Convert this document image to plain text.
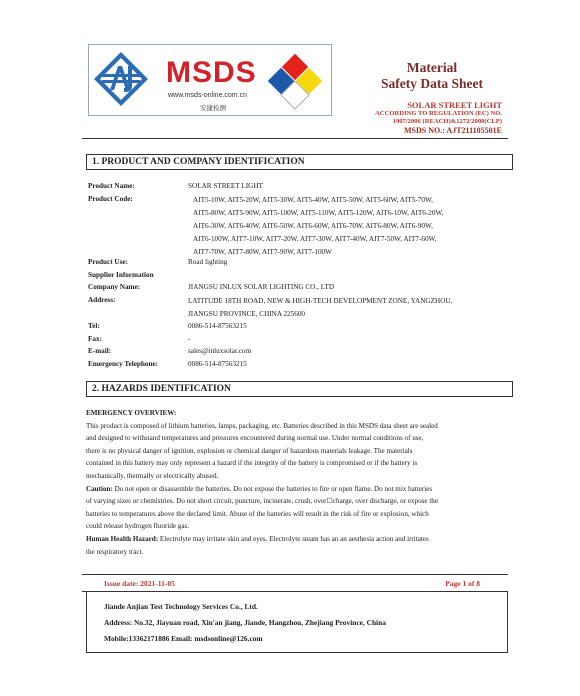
MSDS
www.msds-online.com.cn
安捷检测
Material
Safety Data Sheet
SOLAR STREET LIGHT
ACCORDING TO REGULATION (EC) NO.
1907/2006 (REACH)&1272/2008(CLP)
MSDS NO.: AJT211105501E
1. PRODUCT AND COMPANY IDENTIFICATION
Product Name:	SOLAR STREET LIGHT
Product Code:	AIT5-10W, AIT5-20W, AIT5-30W, AIT5-40W, AIT5-50W, AIT5-60W, AIT5-70W,
AIT5-80W, AIT5-90W, AIT5-100W, AIT5-110W, AIT5-120W, AIT6-10W, AIT6-20W,
AIT6-30W, AIT6-40W, AIT6-50W, AIT6-60W, AIT6-70W, AIT6-80W, AIT6-90W,
AIT6-100W, AIT7-10W, AIT7-20W, AIT7-30W, AIT7-40W, AIT7-50W, AIT7-60W,
AIT7-70W, AIT7-80W, AIT7-90W, AIT7-100W
Product Use:	Road lighting
Supplier Information
Company Name:	JIANGSU INLUX SOLAR LIGHTING CO., LTD
Address:	LATITUDE 18TH ROAD, NEW & HIGH-TECH DEVELOPMENT ZONE, YANGZHOU,
JIANGSU PROVINCE, CHINA 225600
Tel:	0086-514-87563215
Fax:	-
E-mail:	sales@inluxsolar.com
Emergency Telephone:	0086-514-87563215
2. HAZARDS IDENTIFICATION
EMERGENCY OVERVIEW:
This product is composed of lithium batteries, lamps, packaging, etc. Batteries described in this MSDS data sheet are sealed
and designed to withstand temperatures and pressures encountered during normal use. Under normal conditions of use,
there is no physical danger of ignition, explosion or chemical danger of hazardous materials leakage. The materials
contained in this battery may only represent a hazard if the integrity of the battery is compromised or if the battery is
mechanically, thermally or electrically abused.
Caution: Do not open or disassemble the batteries. Do not expose the batteries to fire or open flame. Do not mix batteries
of varying sizes or chemistries. Do not short circuit, puncture, incinerate, crush, over☐charge, over discharge, or expose the
batteries to temperatures above the declared limit. Abuse of the batteries will result in the risk of fire or explosion, which
could release hydrogen fluoride gas.
Human Health Hazard: Electrolyte may irritate skin and eyes. Electrolyte steam has an an aesthesia action and irritates
the respiratory tract.
Issue date: 2021-11-05	Page 1 of 8
Jiande Anjian Test Technology Services Co., Ltd.
Address: No.32, Jiayuan road, Xin'an jiang, Jiande, Hangzhou, Zhejiang Province, China
Mobile:13362171886 Email: msdsonline@126.com
